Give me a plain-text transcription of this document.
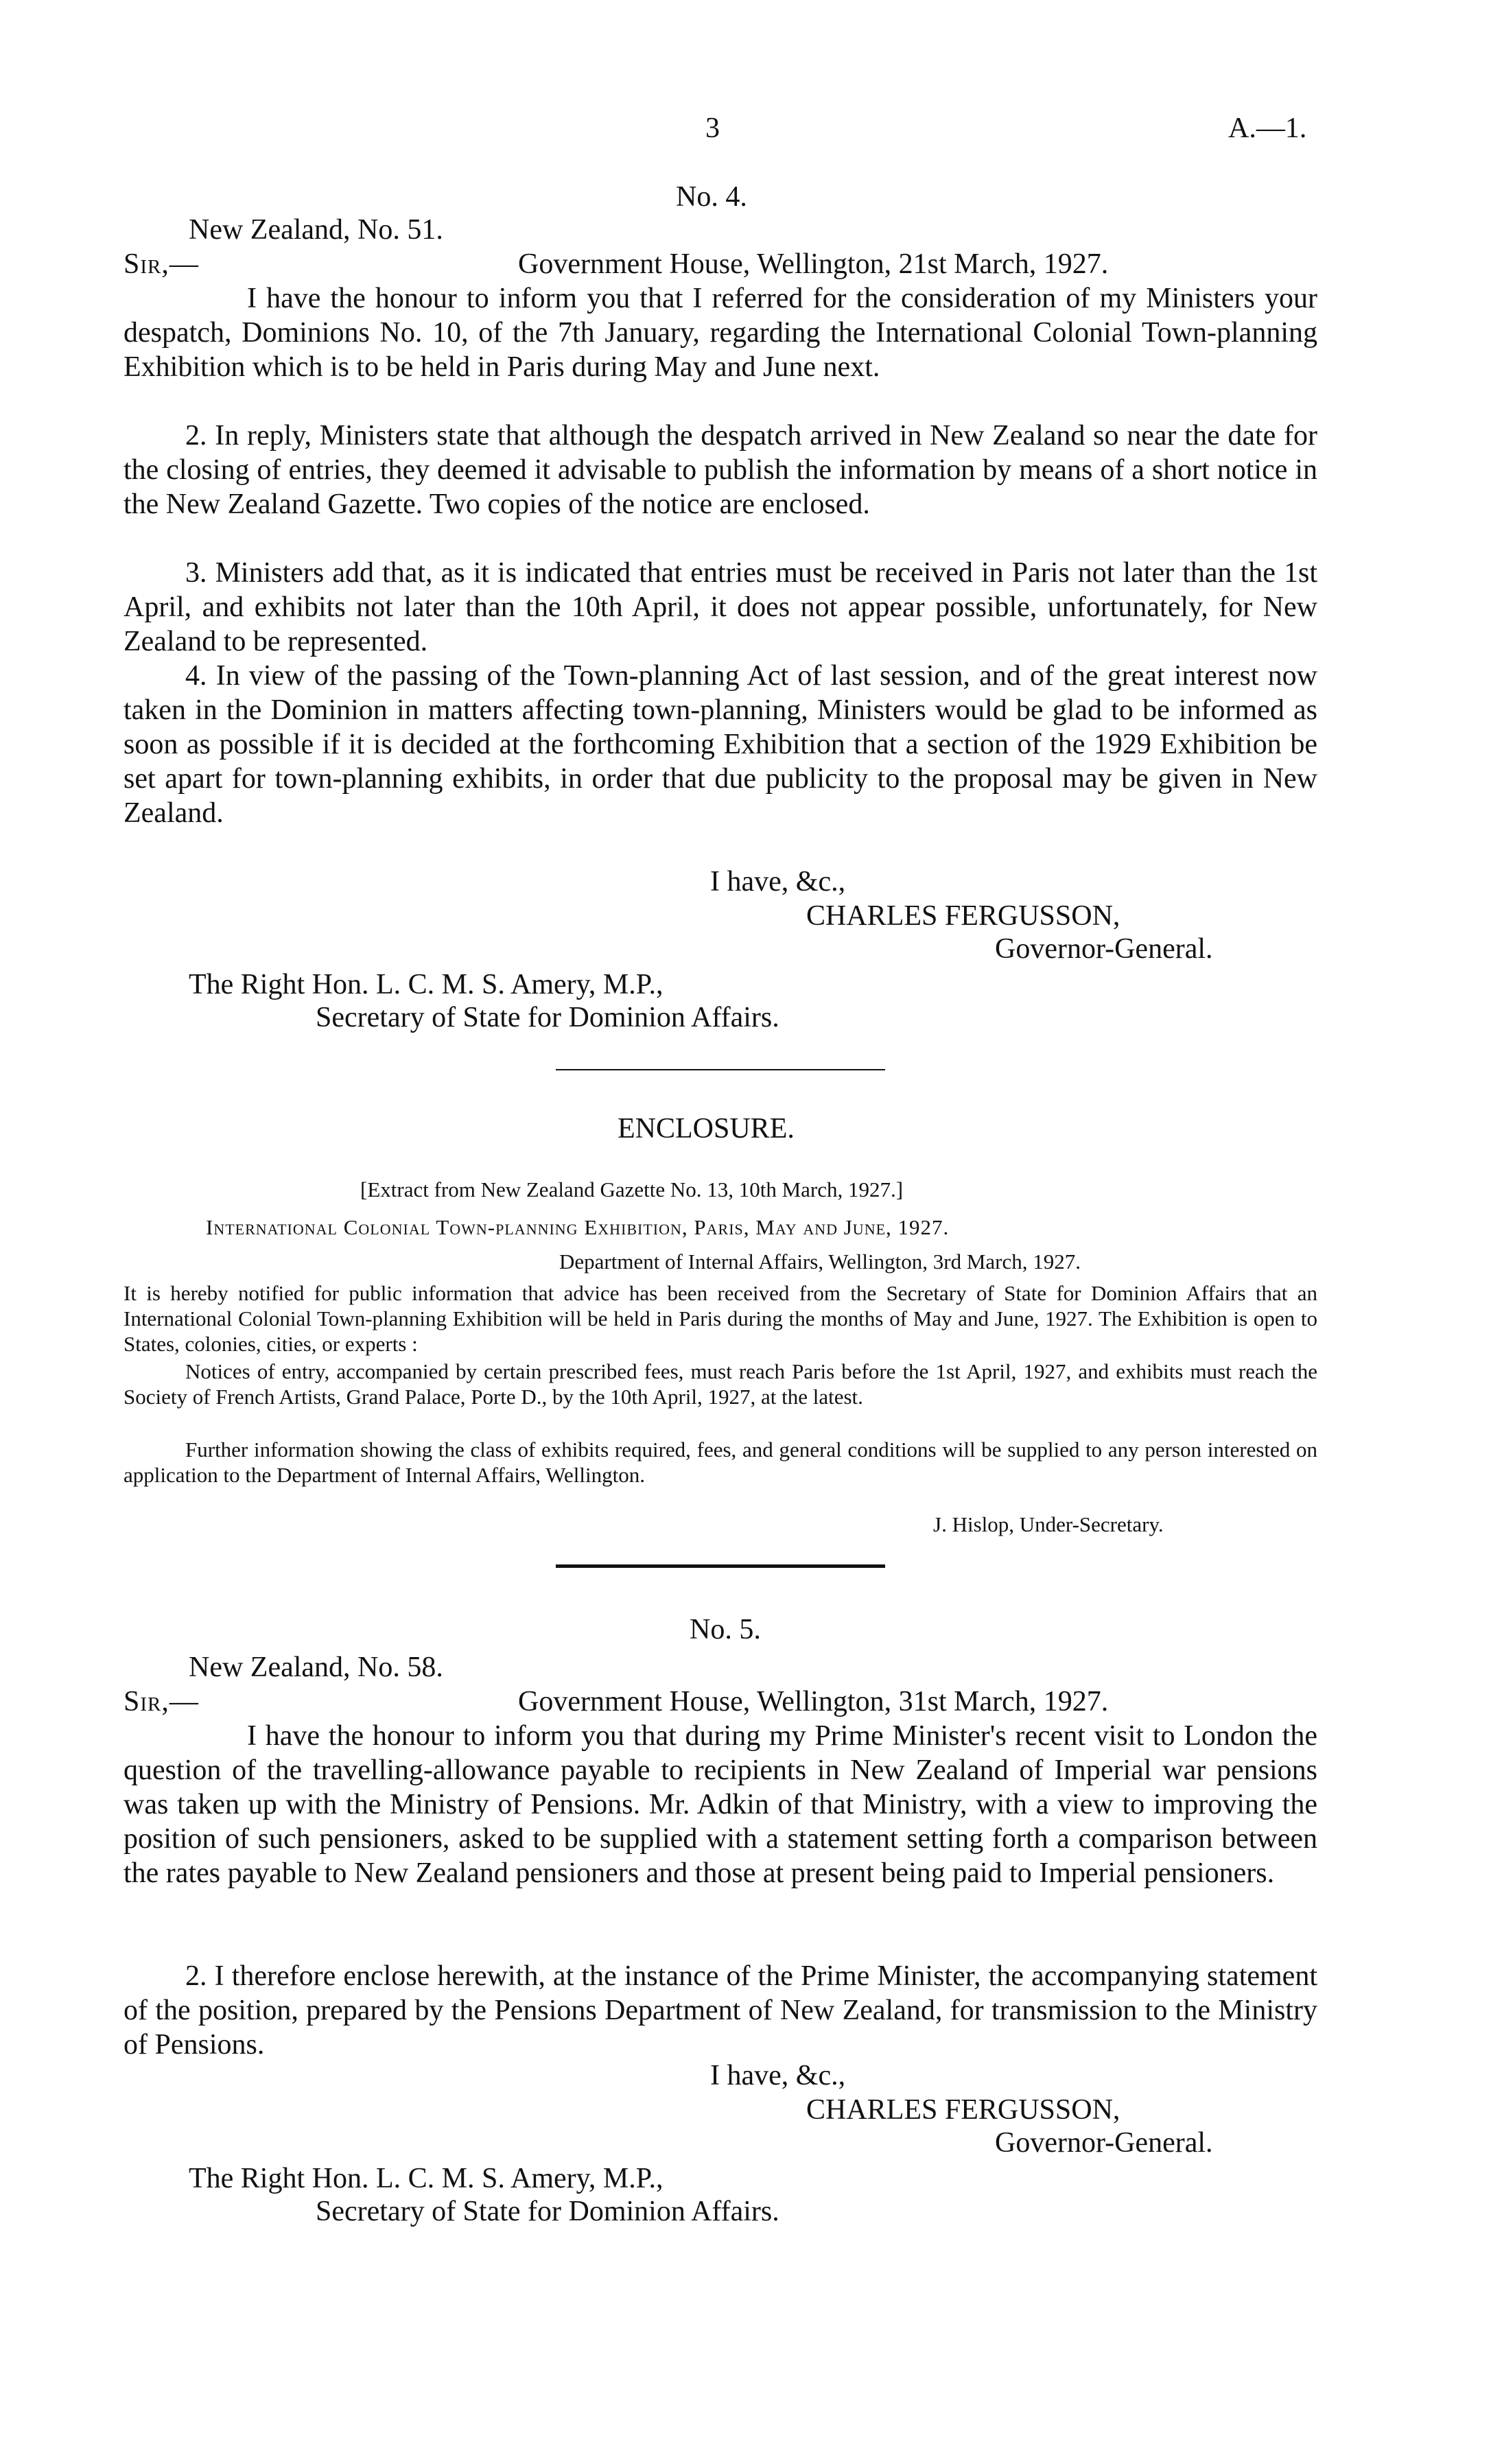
3	A.—1.
No. 4.
New Zealand, No. 51.
Sir,—	Government House, Wellington, 21st March, 1927.
I have the honour to inform you that I referred for the consideration of my Ministers your despatch, Dominions No. 10, of the 7th January, regarding the International Colonial Town-planning Exhibition which is to be held in Paris during May and June next.
2. In reply, Ministers state that although the despatch arrived in New Zealand so near the date for the closing of entries, they deemed it advisable to publish the information by means of a short notice in the New Zealand Gazette. Two copies of the notice are enclosed.
3. Ministers add that, as it is indicated that entries must be received in Paris not later than the 1st April, and exhibits not later than the 10th April, it does not appear possible, unfortunately, for New Zealand to be represented.
4. In view of the passing of the Town-planning Act of last session, and of the great interest now taken in the Dominion in matters affecting town-planning, Ministers would be glad to be informed as soon as possible if it is decided at the forthcoming Exhibition that a section of the 1929 Exhibition be set apart for town-planning exhibits, in order that due publicity to the proposal may be given in New Zealand.
I have, &c.,
CHARLES FERGUSSON,
Governor-General.
The Right Hon. L. C. M. S. Amery, M.P.,
Secretary of State for Dominion Affairs.
ENCLOSURE.
[Extract from New Zealand Gazette No. 13, 10th March, 1927.]
International Colonial Town-planning Exhibition, Paris, May and June, 1927.
Department of Internal Affairs, Wellington, 3rd March, 1927.
It is hereby notified for public information that advice has been received from the Secretary of State for Dominion Affairs that an International Colonial Town-planning Exhibition will be held in Paris during the months of May and June, 1927. The Exhibition is open to States, colonies, cities, or experts :
Notices of entry, accompanied by certain prescribed fees, must reach Paris before the 1st April, 1927, and exhibits must reach the Society of French Artists, Grand Palace, Porte D., by the 10th April, 1927, at the latest.
Further information showing the class of exhibits required, fees, and general conditions will be supplied to any person interested on application to the Department of Internal Affairs, Wellington.
J. Hislop, Under-Secretary.
No. 5.
New Zealand, No. 58.
Sir,—	Government House, Wellington, 31st March, 1927.
I have the honour to inform you that during my Prime Minister's recent visit to London the question of the travelling-allowance payable to recipients in New Zealand of Imperial war pensions was taken up with the Ministry of Pensions. Mr. Adkin of that Ministry, with a view to improving the position of such pensioners, asked to be supplied with a statement setting forth a comparison between the rates payable to New Zealand pensioners and those at present being paid to Imperial pensioners.
2. I therefore enclose herewith, at the instance of the Prime Minister, the accompanying statement of the position, prepared by the Pensions Department of New Zealand, for transmission to the Ministry of Pensions.
I have, &c.,
CHARLES FERGUSSON,
Governor-General.
The Right Hon. L. C. M. S. Amery, M.P.,
Secretary of State for Dominion Affairs.
